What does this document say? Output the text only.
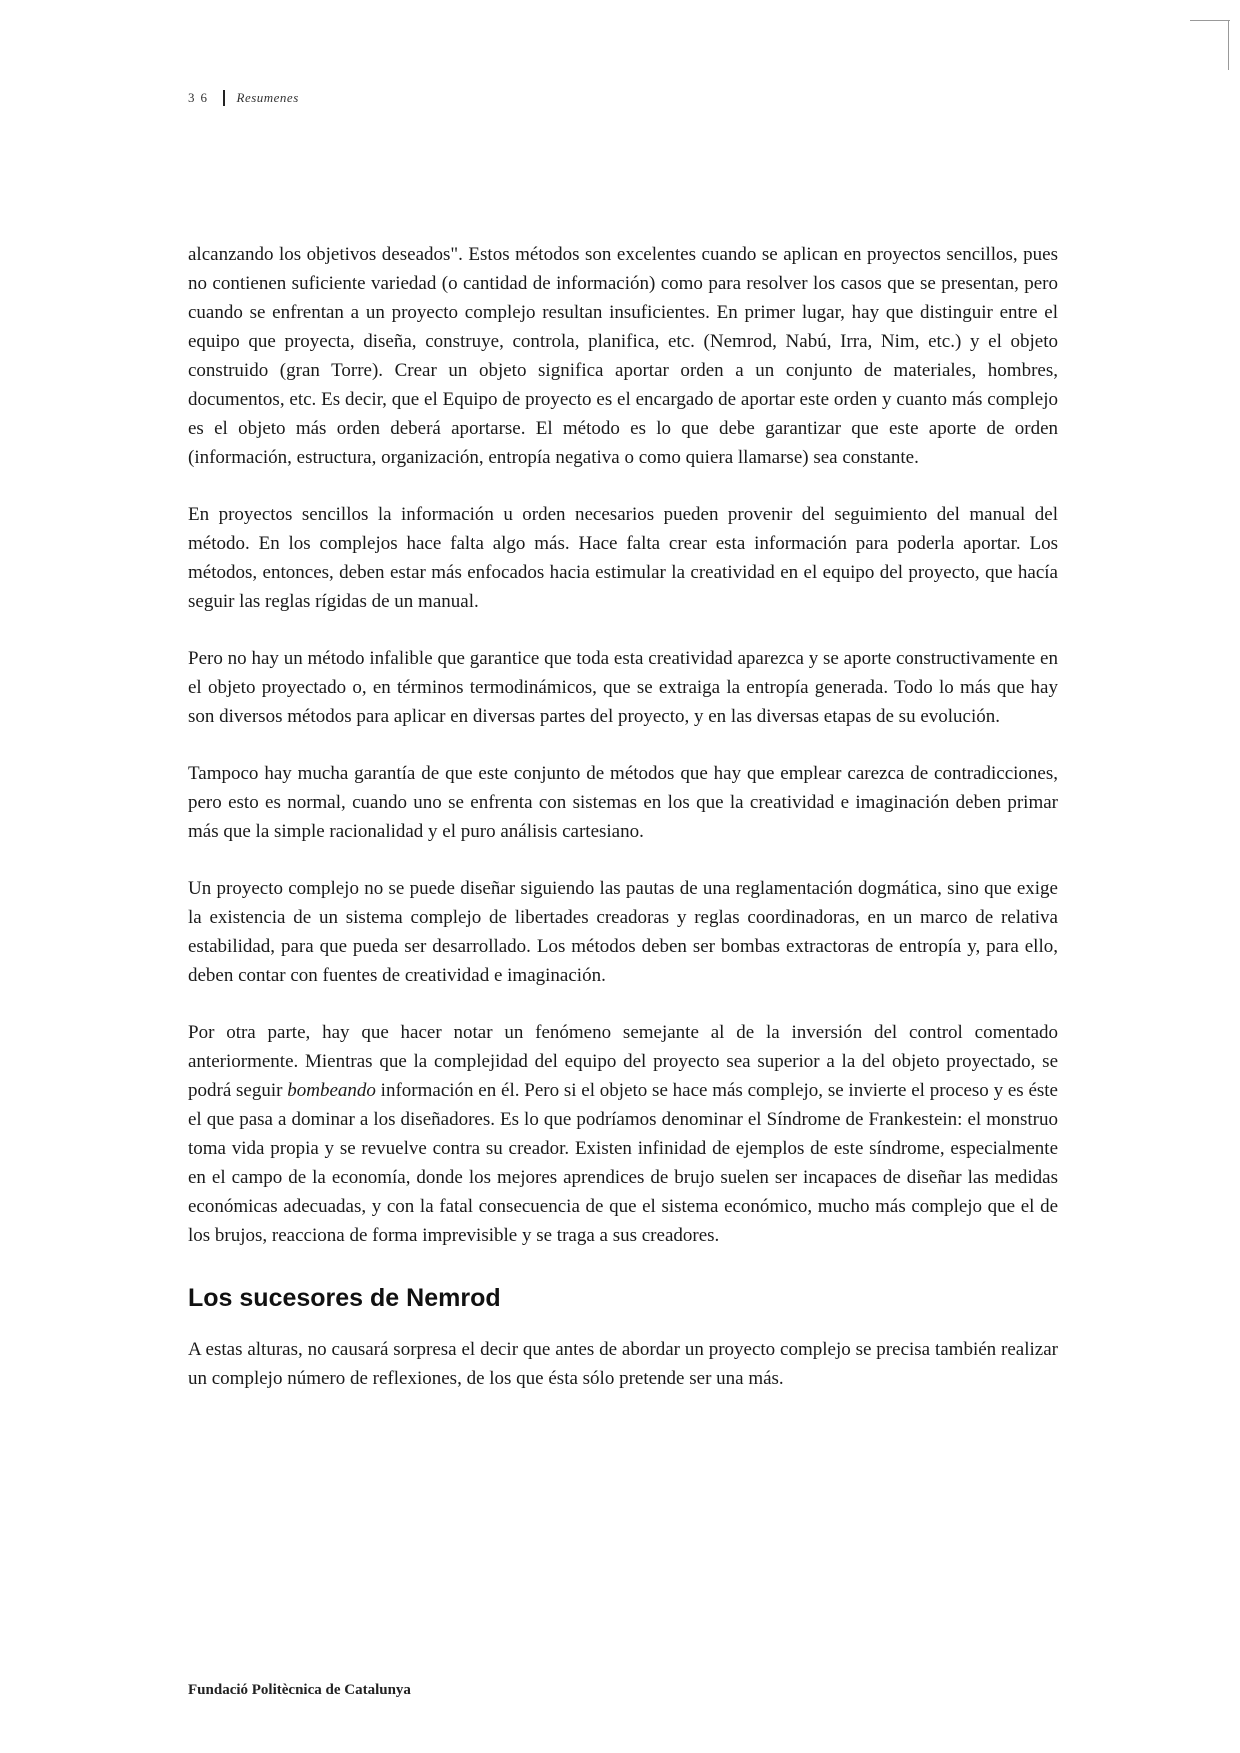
36 Resumenes

alcanzando los objetivos deseados". Estos métodos son excelentes cuando se aplican en proyectos sencillos, pues no contienen suficiente variedad (o cantidad de información) como para resolver los casos que se presentan, pero cuando se enfrentan a un proyecto complejo resultan insuficientes. En primer lugar, hay que distinguir entre el equipo que proyecta, diseña, construye, controla, planifica, etc. (Nemrod, Nabú, Irra, Nim, etc.) y el objeto construido (gran Torre). Crear un objeto significa aportar orden a un conjunto de materiales, hombres, documentos, etc. Es decir, que el Equipo de proyecto es el encargado de aportar este orden y cuanto más complejo es el objeto más orden deberá aportarse. El método es lo que debe garantizar que este aporte de orden (información, estructura, organización, entropía negativa o como quiera llamarse) sea constante.

En proyectos sencillos la información u orden necesarios pueden provenir del seguimiento del manual del método. En los complejos hace falta algo más. Hace falta crear esta información para poderla aportar. Los métodos, entonces, deben estar más enfocados hacia estimular la creatividad en el equipo del proyecto, que hacía seguir las reglas rígidas de un manual.

Pero no hay un método infalible que garantice que toda esta creatividad aparezca y se aporte constructivamente en el objeto proyectado o, en términos termodinámicos, que se extraiga la entropía generada. Todo lo más que hay son diversos métodos para aplicar en diversas partes del proyecto, y en las diversas etapas de su evolución.

Tampoco hay mucha garantía de que este conjunto de métodos que hay que emplear carezca de contradicciones, pero esto es normal, cuando uno se enfrenta con sistemas en los que la creatividad e imaginación deben primar más que la simple racionalidad y el puro análisis cartesiano.

Un proyecto complejo no se puede diseñar siguiendo las pautas de una reglamentación dogmática, sino que exige la existencia de un sistema complejo de libertades creadoras y reglas coordinadoras, en un marco de relativa estabilidad, para que pueda ser desarrollado. Los métodos deben ser bombas extractoras de entropía y, para ello, deben contar con fuentes de creatividad e imaginación.

Por otra parte, hay que hacer notar un fenómeno semejante al de la inversión del control comentado anteriormente. Mientras que la complejidad del equipo del proyecto sea superior a la del objeto proyectado, se podrá seguir bombeando información en él. Pero si el objeto se hace más complejo, se invierte el proceso y es éste el que pasa a dominar a los diseñadores. Es lo que podríamos denominar el Síndrome de Frankestein: el monstruo toma vida propia y se revuelve contra su creador. Existen infinidad de ejemplos de este síndrome, especialmente en el campo de la economía, donde los mejores aprendices de brujo suelen ser incapaces de diseñar las medidas económicas adecuadas, y con la fatal consecuencia de que el sistema económico, mucho más complejo que el de los brujos, reacciona de forma imprevisible y se traga a sus creadores.

Los sucesores de Nemrod

A estas alturas, no causará sorpresa el decir que antes de abordar un proyecto complejo se precisa también realizar un complejo número de reflexiones, de los que ésta sólo pretende ser una más.

Fundació Politècnica de Catalunya
